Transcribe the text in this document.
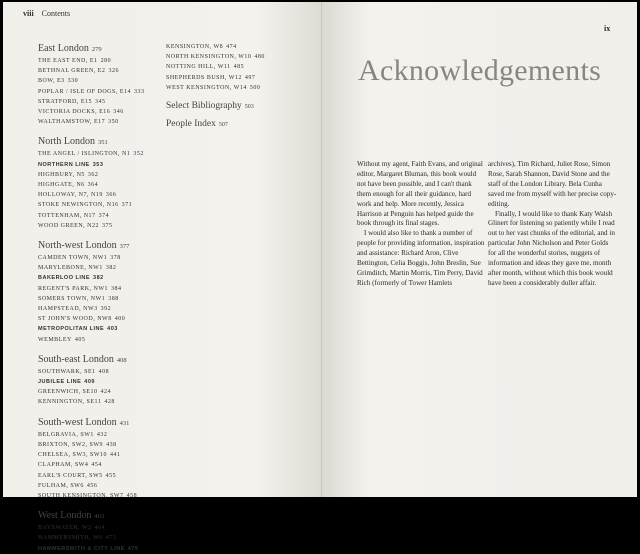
viii Contents
East London 279
THE EAST END, E1 280
BETHNAL GREEN, E2 326
BOW, E3 330
POPLAR / ISLE OF DOGS, E14 333
STRATFORD, E15 345
VICTORIA DOCKS, E16 346
WALTHAMSTOW, E17 350
North London 351
THE ANGEL / ISLINGTON, N1 352
NORTHERN LINE 353
HIGHBURY, N5 362
HIGHGATE, N6 364
HOLLOWAY, N7, N19 366
STOKE NEWINGTON, N16 371
TOTTENHAM, N17 374
WOOD GREEN, N22 375
North-west London 377
CAMDEN TOWN, NW1 378
MARYLEBONE, NW1 382
BAKERLOO LINE 382
REGENT'S PARK, NW1 384
SOMERS TOWN, NW1 388
HAMPSTEAD, NW3 392
ST JOHN'S WOOD, NW8 400
METROPOLITAN LINE 403
WEMBLEY 405
South-east London 408
SOUTHWARK, SE1 408
JUBILEE LINE 409
GREENWICH, SE10 424
KENNINGTON, SE11 428
South-west London 431
BELGRAVIA, SW1 432
BRIXTON, SW2, SW9 438
CHELSEA, SW3, SW10 441
CLAPHAM, SW4 454
EARL'S COURT, SW5 455
FULHAM, SW6 456
SOUTH KENSINGTON, SW7 458
West London 463
BAYSWATER, W2 464
HAMMERSMITH, W6 473
HAMMERSMITH & CITY LINE 475
KENSINGTON, W8 474
NORTH KENSINGTON, W10 480
NOTTING HILL, W11 485
SHEPHERDS BUSH, W12 497
WEST KENSINGTON, W14 500
Select Bibliography 503
People Index 507
ix
Acknowledgements

Without my agent, Faith Evans, and original editor, Margaret Bluman, this book would not have been possible, and I can't thank them enough for all their guidance, hard work and help. More recently, Jessica Harrison at Penguin has helped guide the book through its final stages.

I would also like to thank a number of people for providing information, inspiration and assistance: Richard Aron, Clive Bettington, Celia Boggis, John Breslin, Sue Grimditch, Martin Morris, Tim Perry, David Rich (formerly of Tower Hamlets

archives), Tim Richard, Juliet Rose, Simon Rose, Sarah Shannon, David Stone and the staff of the London Library. Bela Cunha saved me from myself with her precise copy-editing.

Finally, I would like to thank Katy Walsh Glinert for listening so patiently while I read out to her vast chunks of the editorial, and in particular John Nicholson and Peter Golds for all the wonderful stories, nuggets of information and ideas they gave me, month after month, without which this book would have been a considerably duller affair.
